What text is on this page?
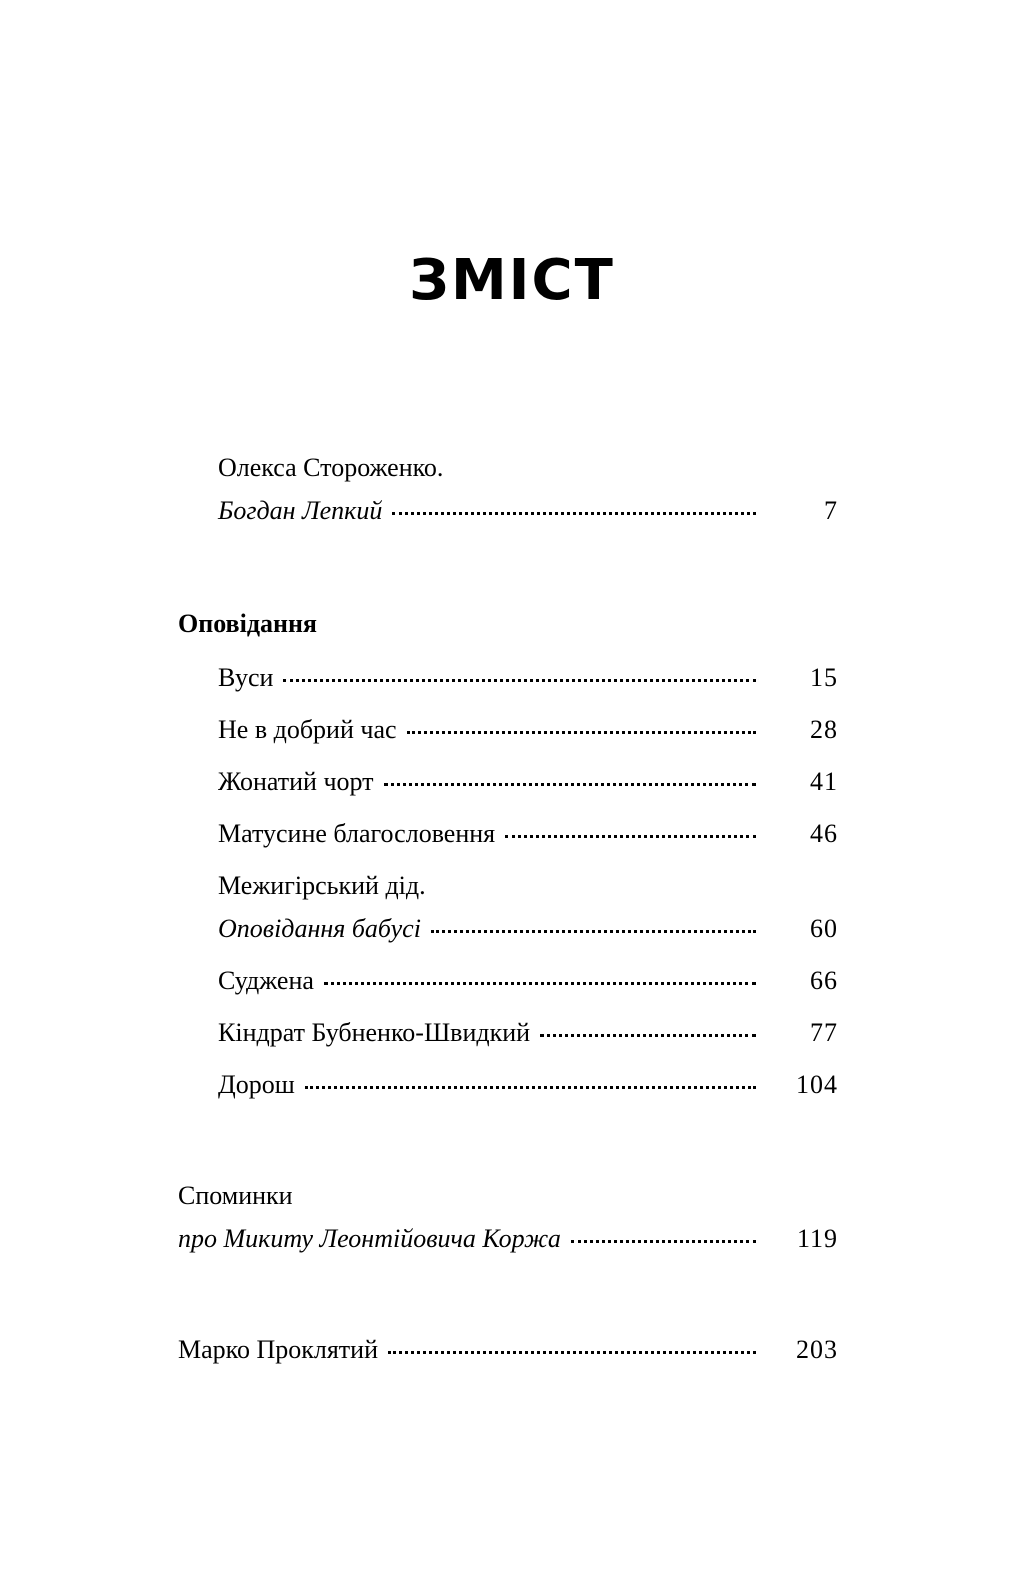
ЗМІСТ
Олекса Стороженко.
Богдан Лепкий	7
Оповідання
Вуси	15
Не в добрий час	28
Жонатий чорт	41
Матусине благословення	46
Межигірський дід.
Оповідання бабусі	60
Суджена	66
Кіндрат Бубненко-Швидкий	77
Дорош	104
Споминки
про Микиту Леонтійовича Коржа	119
Марко Проклятий	203
